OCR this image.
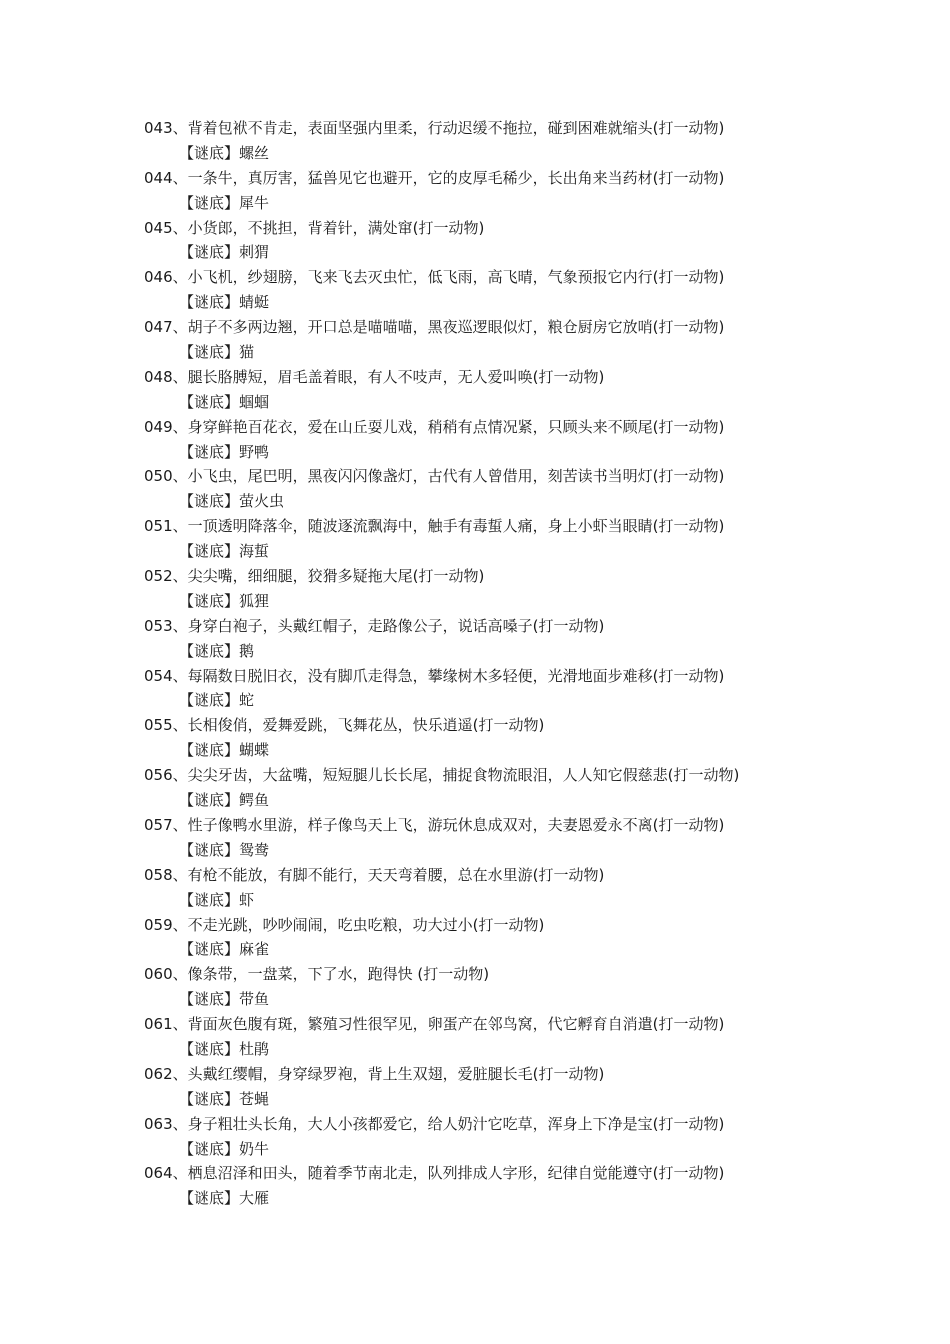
043、背着包袱不肯走，表面坚强内里柔，行动迟缓不拖拉，碰到困难就缩头(打一动物)
【谜底】螺丝
044、一条牛，真厉害，猛兽见它也避开，它的皮厚毛稀少，长出角来当药材(打一动物)
【谜底】犀牛
045、小货郎，不挑担，背着针，满处窜(打一动物)
【谜底】刺猬
046、小飞机，纱翅膀，飞来飞去灭虫忙，低飞雨，高飞晴，气象预报它内行(打一动物)
【谜底】蜻蜓
047、胡子不多两边翘，开口总是喵喵喵，黑夜巡逻眼似灯，粮仓厨房它放哨(打一动物)
【谜底】猫
048、腿长胳膊短，眉毛盖着眼，有人不吱声，无人爱叫唤(打一动物)
【谜底】蝈蝈
049、身穿鲜艳百花衣，爱在山丘耍儿戏，稍稍有点情况紧，只顾头来不顾尾(打一动物)
【谜底】野鸭
050、小飞虫，尾巴明，黑夜闪闪像盏灯，古代有人曾借用，刻苦读书当明灯(打一动物)
【谜底】萤火虫
051、一顶透明降落伞，随波逐流飘海中，触手有毒蜇人痛，身上小虾当眼睛(打一动物)
【谜底】海蜇
052、尖尖嘴，细细腿，狡猾多疑拖大尾(打一动物)
【谜底】狐狸
053、身穿白袍子，头戴红帽子，走路像公子，说话高嗓子(打一动物)
【谜底】鹅
054、每隔数日脱旧衣，没有脚爪走得急，攀缘树木多轻便，光滑地面步难移(打一动物)
【谜底】蛇
055、长相俊俏，爱舞爱跳，飞舞花丛，快乐逍遥(打一动物)
【谜底】蝴蝶
056、尖尖牙齿，大盆嘴，短短腿儿长长尾，捕捉食物流眼泪，人人知它假慈悲(打一动物)
【谜底】鳄鱼
057、性子像鸭水里游，样子像鸟天上飞，游玩休息成双对，夫妻恩爱永不离(打一动物)
【谜底】鸳鸯
058、有枪不能放，有脚不能行，天天弯着腰，总在水里游(打一动物)
【谜底】虾
059、不走光跳，吵吵闹闹，吃虫吃粮，功大过小(打一动物)
【谜底】麻雀
060、像条带，一盘菜，下了水，跑得快 (打一动物)
【谜底】带鱼
061、背面灰色腹有斑，繁殖习性很罕见，卵蛋产在邻鸟窝，代它孵育自消遣(打一动物)
【谜底】杜鹃
062、头戴红缨帽，身穿绿罗袍，背上生双翅，爱脏腿长毛(打一动物)
【谜底】苍蝇
063、身子粗壮头长角，大人小孩都爱它，给人奶汁它吃草，浑身上下净是宝(打一动物)
【谜底】奶牛
064、栖息沼泽和田头，随着季节南北走，队列排成人字形，纪律自觉能遵守(打一动物)
【谜底】大雁
